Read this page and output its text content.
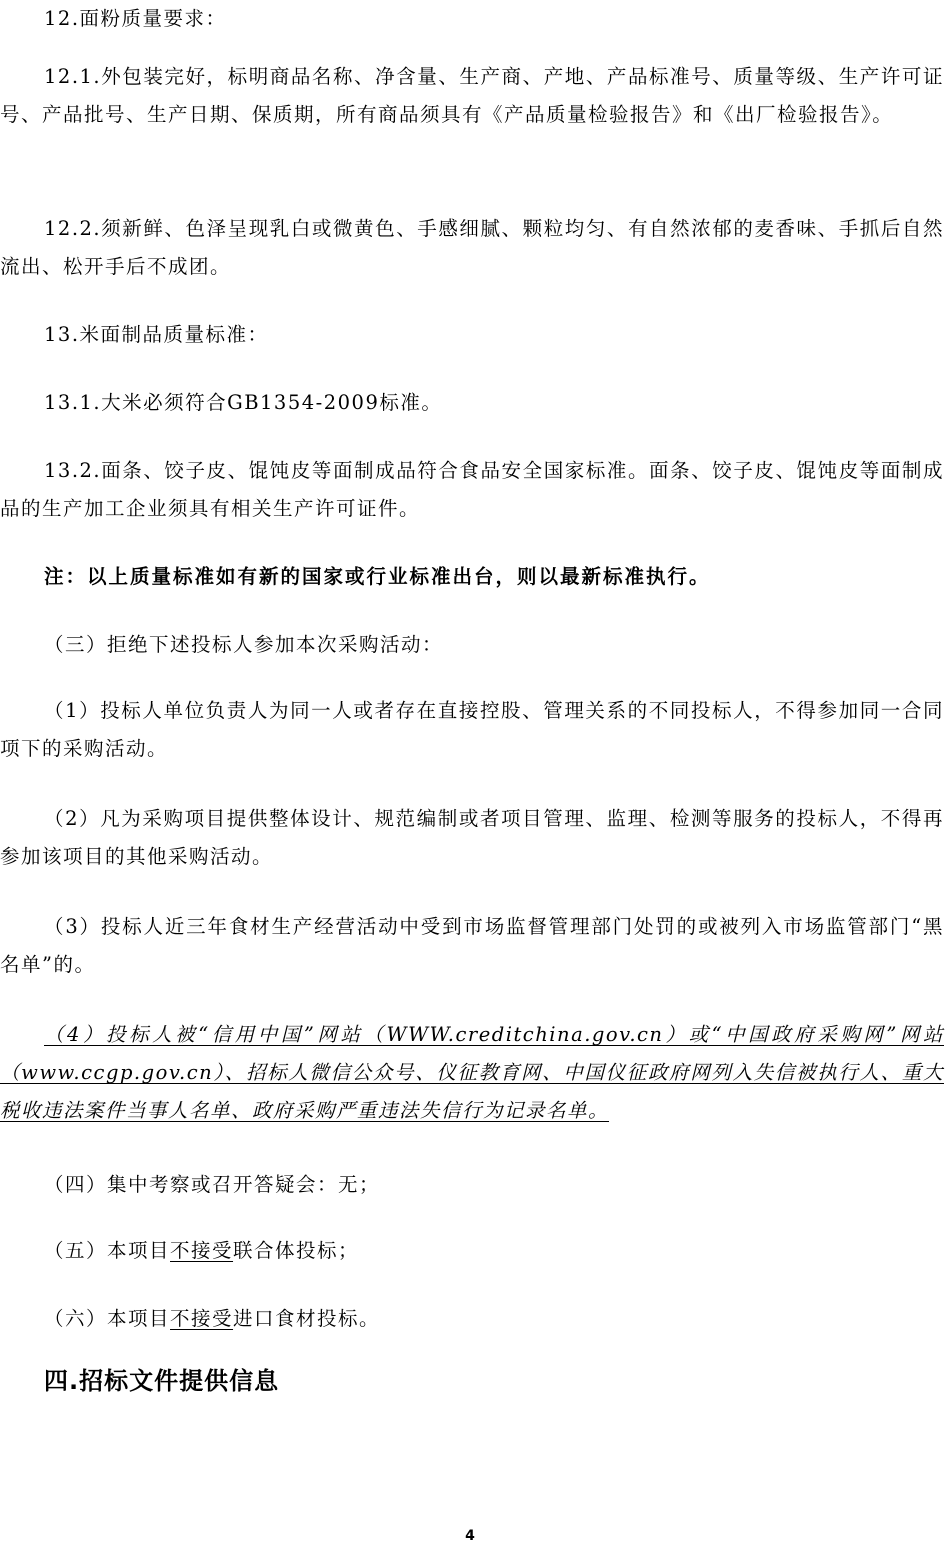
12.面粉质量要求：

12.1.外包装完好，标明商品名称、净含量、生产商、产地、产品标准号、质量等级、生产许可证号、产品批号、生产日期、保质期，所有商品须具有《产品质量检验报告》和《出厂检验报告》。

12.2.须新鲜、色泽呈现乳白或微黄色、手感细腻、颗粒均匀、有自然浓郁的麦香味、手抓后自然流出、松开手后不成团。

13.米面制品质量标准：

13.1.大米必须符合GB1354-2009标准。

13.2.面条、饺子皮、馄饨皮等面制成品符合食品安全国家标准。面条、饺子皮、馄饨皮等面制成品的生产加工企业须具有相关生产许可证件。

注：以上质量标准如有新的国家或行业标准出台，则以最新标准执行。

（三）拒绝下述投标人参加本次采购活动：

（1）投标人单位负责人为同一人或者存在直接控股、管理关系的不同投标人，不得参加同一合同项下的采购活动。

（2）凡为采购项目提供整体设计、规范编制或者项目管理、监理、检测等服务的投标人，不得再参加该项目的其他采购活动。

（3）投标人近三年食材生产经营活动中受到市场监督管理部门处罚的或被列入市场监管部门“黑名单”的。

（4）投标人被“信用中国”网站（WWW.creditchina.gov.cn）或“中国政府采购网”网站（www.ccgp.gov.cn）、招标人微信公众号、仪征教育网、中国仪征政府网列入失信被执行人、重大税收违法案件当事人名单、政府采购严重违法失信行为记录名单。

（四）集中考察或召开答疑会：无；

（五）本项目不接受联合体投标；

（六）本项目不接受进口食材投标。

四.招标文件提供信息
4
